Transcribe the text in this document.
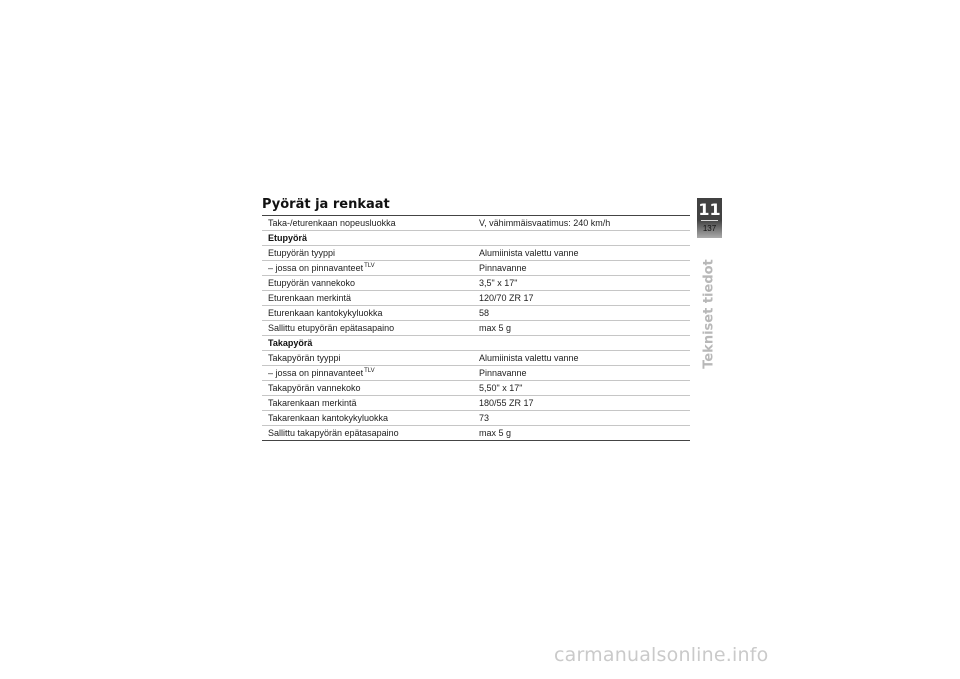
Pyörät ja renkaat
Taka-/eturenkaan nopeusluokka	V, vähimmäisvaatimus: 240 km/h
Etupyörä	
Etupyörän tyyppi	Alumiinista valettu vanne
– jossa on pinnavanteet$^{TLV}$	Pinnavanne
Etupyörän vannekoko	3,5" x 17"
Eturenkaan merkintä	120/70 ZR 17
Eturenkaan kantokykyluokka	58
Sallittu etupyörän epätasapaino	max 5 g
Takapyörä	
Takapyörän tyyppi	Alumiinista valettu vanne
– jossa on pinnavanteet$^{TLV}$	Pinnavanne
Takapyörän vannekoko	5,50" x 17"
Takarenkaan merkintä	180/55 ZR 17
Takarenkaan kantokykyluokka	73
Sallittu takapyörän epätasapaino	max 5 g
11
137
Tekniset tiedot
carmanualsonline.info
